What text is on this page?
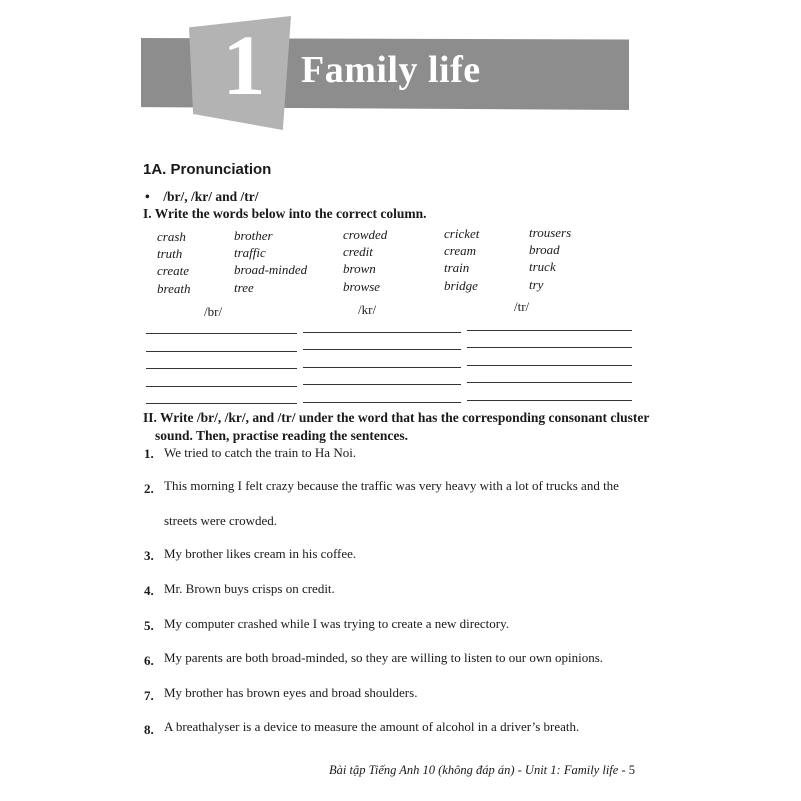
1 Family life
1A. Pronunciation
•    /br/, /kr/ and /tr/
I. Write the words below into the correct column.
crash	brother	crowded	cricket	trousers
truth	traffic	credit	cream	broad
create	broad-minded	brown	train	truck
breath	tree	browse	bridge	try
/br/	/kr/	/tr/
II. Write /br/, /kr/, and /tr/ under the word that has the corresponding consonant cluster
sound. Then, practise reading the sentences.
1. We tried to catch the train to Ha Noi.
2. This morning I felt crazy because the traffic was very heavy with a lot of trucks and the
streets were crowded.
3. My brother likes cream in his coffee.
4. Mr. Brown buys crisps on credit.
5. My computer crashed while I was trying to create a new directory.
6. My parents are both broad-minded, so they are willing to listen to our own opinions.
7. My brother has brown eyes and broad shoulders.
8. A breathalyser is a device to measure the amount of alcohol in a driver’s breath.
Bài tập Tiếng Anh 10 (không đáp án) - Unit 1: Family life - 5
